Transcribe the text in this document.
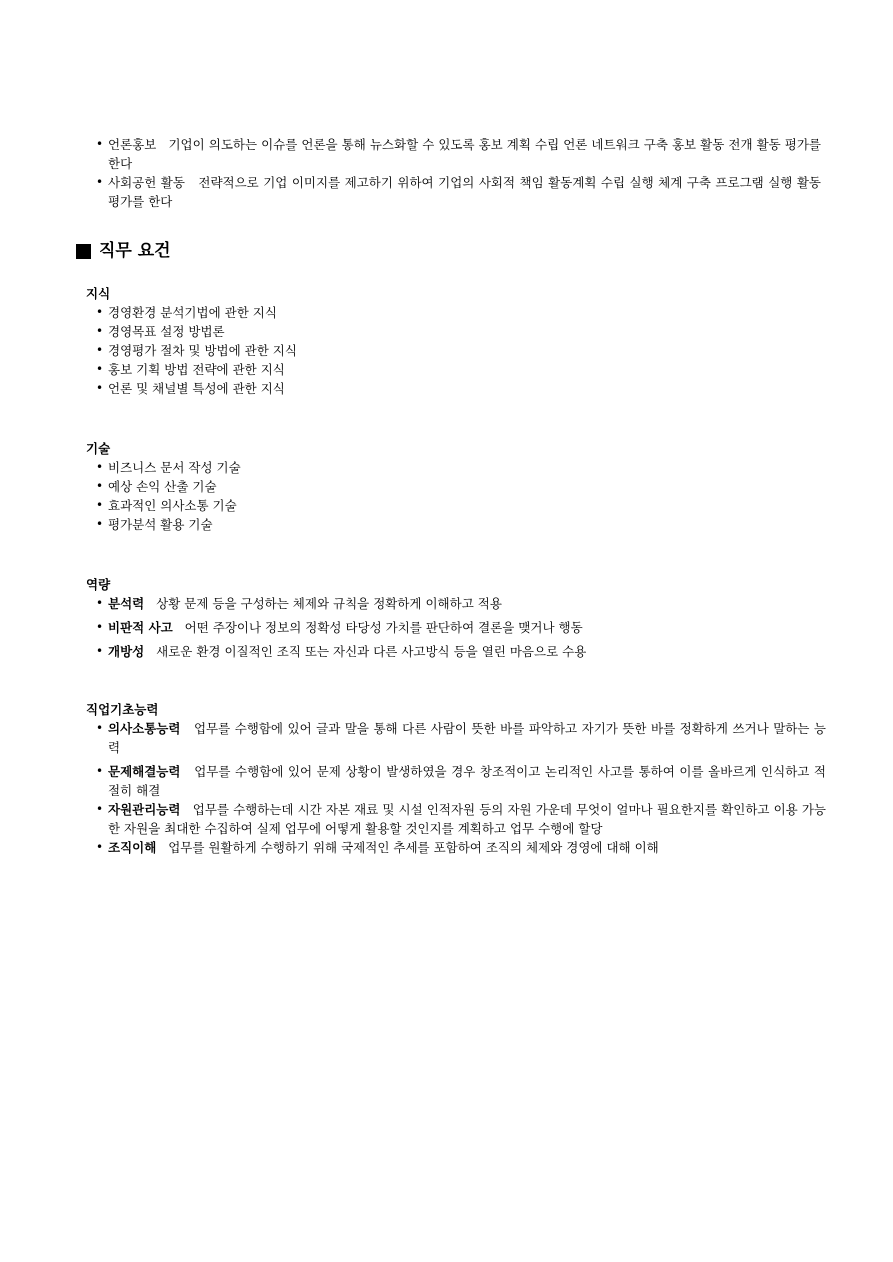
• 언론홍보 기업이 의도하는 이슈를 언론을 통해 뉴스화할 수 있도록 홍보 계획 수립 언론 네트워크 구축 홍보 활동 전개 활동 평가를 한다
• 사회공헌 활동 전략적으로 기업 이미지를 제고하기 위하여 기업의 사회적 책임 활동계획 수립 실행 체계 구축 프로그램 실행 활동 평가를 한다
직무 요건
지식
• 경영환경 분석기법에 관한 지식
• 경영목표 설정 방법론
• 경영평가 절차 및 방법에 관한 지식
• 홍보 기획 방법 전략에 관한 지식
• 언론 및 채널별 특성에 관한 지식
기술
• 비즈니스 문서 작성 기술
• 예상 손익 산출 기술
• 효과적인 의사소통 기술
• 평가분석 활용 기술
역량
• 분석력 상황 문제 등을 구성하는 체제와 규칙을 정확하게 이해하고 적용
• 비판적 사고 어떤 주장이나 정보의 정확성 타당성 가치를 판단하여 결론을 맺거나 행동
• 개방성 새로운 환경 이질적인 조직 또는 자신과 다른 사고방식 등을 열린 마음으로 수용
직업기초능력
• 의사소통능력 업무를 수행함에 있어 글과 말을 통해 다른 사람이 뜻한 바를 파악하고 자기가 뜻한 바를 정확하게 쓰거나 말하는 능력
• 문제해결능력 업무를 수행함에 있어 문제 상황이 발생하였을 경우 창조적이고 논리적인 사고를 통하여 이를 올바르게 인식하고 적절히 해결
• 자원관리능력 업무를 수행하는데 시간 자본 재료 및 시설 인적자원 등의 자원 가운데 무엇이 얼마나 필요한지를 확인하고 이용 가능한 자원을 최대한 수집하여 실제 업무에 어떻게 활용할 것인지를 계획하고 업무 수행에 할당
• 조직이해 업무를 원활하게 수행하기 위해 국제적인 추세를 포함하여 조직의 체제와 경영에 대해 이해
